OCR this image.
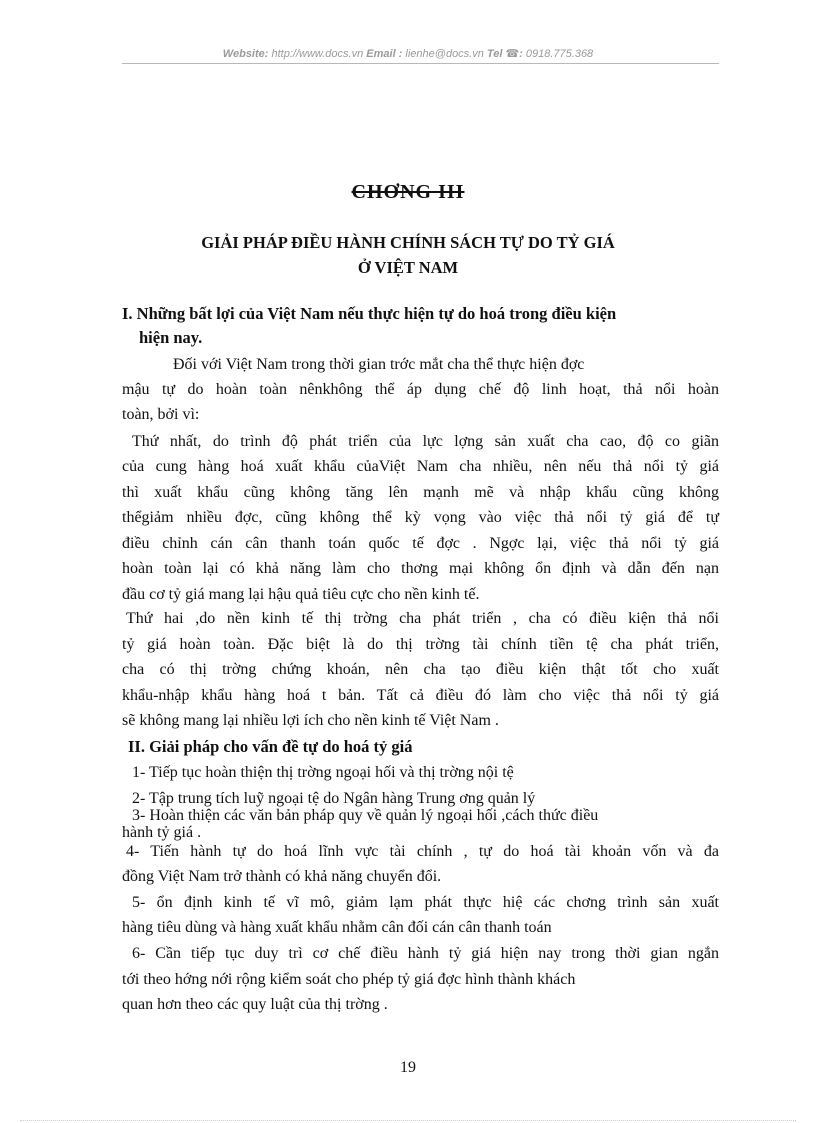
Website: http://www.docs.vn Email : lienhe@docs.vn Tel ☎: 0918.775.368
CHƠNG III
GIẢI PHÁP ĐIỀU HÀNH CHÍNH SÁCH TỰ DO TỶ GIÁ
Ở VIỆT NAM
I. Những bất lợi của Việt Nam nếu thực hiện tự do hoá trong điều kiện
hiện nay.
Đối với Việt Nam trong thời gian trớc mắt cha thể thực hiện đợc
mậu tự do hoàn toàn nênkhông thể áp dụng chế độ linh hoạt, thả nổi hoàn
toàn, bởi vì:
Thứ nhất, do trình độ phát triển của lực lợng sản xuất cha cao, độ co giãn
của cung hàng hoá xuất khẩu củaViệt Nam cha nhiều, nên nếu thả nổi tỷ giá
thì xuất khẩu cũng không tăng lên mạnh mẽ và nhập khẩu cũng không
thểgiảm nhiều đợc, cũng không thể kỳ vọng vào việc thả nổi tỷ giá để tự
điều chỉnh cán cân thanh toán quốc tế đợc . Ngợc lại, việc thả nổi tỷ giá
hoàn toàn lại có khả năng làm cho thơng mại không ổn định và dẫn đến nạn
đầu cơ tỷ giá mang lại hậu quả tiêu cực cho nền kinh tế.
Thứ hai ,do nền kinh tế thị trờng cha phát triển , cha có điều kiện thả nổi
tỷ giá hoàn toàn. Đặc biệt là do thị trờng tài chính tiền tệ cha phát triển,
cha có thị trờng chứng khoán, nên cha tạo điều kiện thật tốt cho xuất
khẩu-nhập khẩu hàng hoá t bản. Tất cả điều đó làm cho việc thả nổi tỷ giá
sẽ không mang lại nhiều lợi ích cho nền kinh tế Việt Nam .
II. Giải pháp cho vấn đề tự do hoá tỷ giá
1- Tiếp tục hoàn thiện thị trờng ngoại hối và thị trờng nội tệ
2- Tập trung tích luỹ ngoại tệ do Ngân hàng Trung ơng quản lý
3- Hoàn thiện các văn bản pháp quy về quản lý ngoại hối ,cách thức điều
hành tỷ giá .
4- Tiến hành tự do hoá lĩnh vực tài chính , tự do hoá tài khoản vốn và đa
đồng Việt Nam trở thành có khả năng chuyển đổi.
5- ổn định kinh tế vĩ mô, giảm lạm phát thực hiệ các chơng trình sản xuất
hàng tiêu dùng và hàng xuất khẩu nhằm cân đối cán cân thanh toán
6- Cần tiếp tục duy trì cơ chế điều hành tỷ giá hiện nay trong thời gian ngắn
tới theo hớng nới rộng kiểm soát cho phép tỷ giá đợc hình thành khách
quan hơn theo các quy luật của thị trờng .
19
